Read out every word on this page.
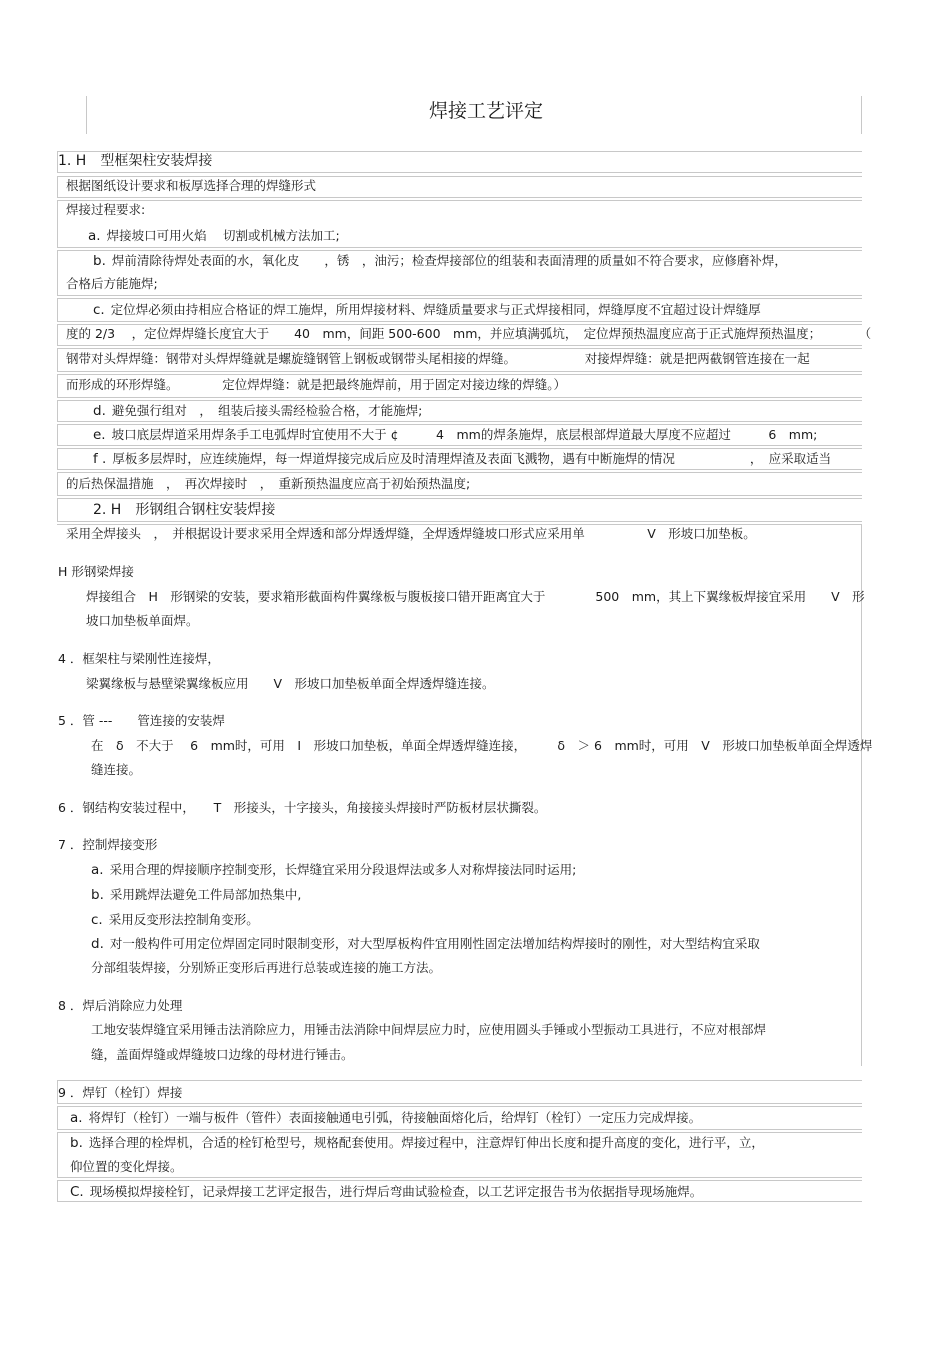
焊接工艺评定
1. H　型框架柱安装焊接
根据图纸设计要求和板厚选择合理的焊缝形式
焊接过程要求:
a. 焊接坡口可用火焰　 切割或机械方法加工;
b. 焊前清除待焊处表面的水，氧化皮　　，锈　，油污；检查焊接部位的组装和表面清理的质量如不符合要求，应修磨补焊，
合格后方能施焊;
c. 定位焊必须由持相应合格证的焊工施焊，所用焊接材料、焊缝质量要求与正式焊接相同，焊缝厚度不宜超过设计焊缝厚
度的 2/3 　，定位焊焊缝长度宜大于　　40　mm，间距 500-600　mm，并应填满弧坑，　定位焊预热温度应高于正式施焊预热温度；　　　　（
钢带对头焊焊缝：钢带对头焊焊缝就是螺旋缝钢管上钢板或钢带头尾相接的焊缝。　　　　　　对接焊焊缝：就是把两截钢管连接在一起
而形成的环形焊缝。　　　　定位焊焊缝：就是把最终施焊前，用于固定对接边缘的焊缝。）
d. 避免强行组对　，　组装后接头需经检验合格，才能施焊;
e. 坡口底层焊道采用焊条手工电弧焊时宜使用不大于 ¢　　　4　mm的焊条施焊，底层根部焊道最大厚度不应超过　　　6　mm;
f . 厚板多层焊时，应连续施焊，每一焊道焊接完成后应及时清理焊渣及表面飞溅物，遇有中断施焊的情况　　　　　　，　应采取适当
的后热保温措施　，　再次焊接时　，　重新预热温度应高于初始预热温度;
2. H　形钢组合钢柱安装焊接
采用全焊接头　，　并根据设计要求采用全焊透和部分焊透焊缝，全焊透焊缝坡口形式应采用单　　　　　V　形坡口加垫板。
H 形钢梁焊接
焊接组合　H　形钢梁的安装，要求箱形截面构件翼缘板与腹板接口错开距离宜大于　　　　500　mm，其上下翼缘板焊接宜采用　　V　形
坡口加垫板单面焊。
4 ．框架柱与梁刚性连接焊，
梁翼缘板与悬壁梁翼缘板应用　　V　形坡口加垫板单面全焊透焊缝连接。
5 ．管 ---　　管连接的安装焊
在　δ　不大于　 6　mm时，可用　I　形坡口加垫板，单面全焊透焊缝连接，　　　δ　＞ 6　mm时，可用　V　形坡口加垫板单面全焊透焊
缝连接。
6 ．钢结构安装过程中，　　T　形接头，十字接头，角接接头焊接时严防板材层状撕裂。
7 ．控制焊接变形
a. 采用合理的焊接顺序控制变形，长焊缝宜采用分段退焊法或多人对称焊接法同时运用;
b. 采用跳焊法避免工件局部加热集中,
c. 采用反变形法控制角变形。
d. 对一般构件可用定位焊固定同时限制变形，对大型厚板构件宜用刚性固定法增加结构焊接时的刚性，对大型结构宜采取
分部组装焊接，分别矫正变形后再进行总装或连接的施工方法。
8 ．焊后消除应力处理
工地安装焊缝宜采用锤击法消除应力，用锤击法消除中间焊层应力时，应使用圆头手锤或小型振动工具进行，不应对根部焊
缝，盖面焊缝或焊缝坡口边缘的母材进行锤击。
9 ．焊钉（栓钉）焊接
a. 将焊钉（栓钉）一端与板件（管件）表面接触通电引弧，待接触面熔化后，给焊钉（栓钉）一定压力完成焊接。
b. 选择合理的栓焊机，合适的栓钉枪型号，规格配套使用。焊接过程中，注意焊钉伸出长度和提升高度的变化，进行平，立，
仰位置的变化焊接。
C. 现场模拟焊接栓钉，记录焊接工艺评定报告，进行焊后弯曲试验检查，以工艺评定报告书为依据指导现场施焊。
